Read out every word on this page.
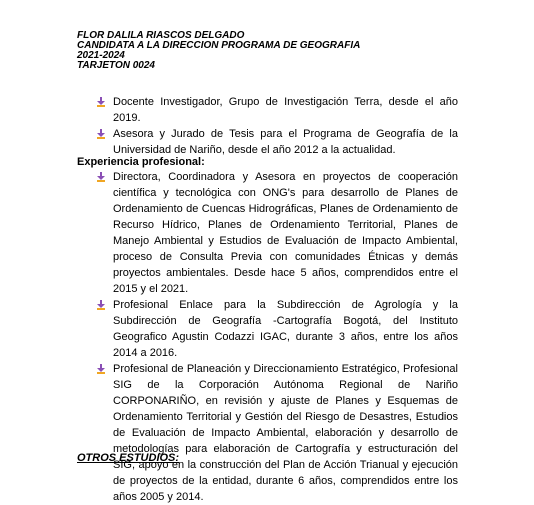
FLOR DALILA RIASCOS DELGADO
CANDIDATA A LA DIRECCION PROGRAMA DE GEOGRAFIA
2021-2024
TARJETON 0024
Docente Investigador, Grupo de Investigación Terra, desde el año 2019.
Asesora y Jurado de Tesis para el Programa de Geografía de la Universidad de Nariño, desde el año 2012 a la actualidad.
Experiencia profesional:
Directora, Coordinadora y Asesora en proyectos de cooperación científica y tecnológica con ONG's para desarrollo de Planes de Ordenamiento de Cuencas Hidrográficas, Planes de Ordenamiento de Recurso Hídrico, Planes de Ordenamiento Territorial, Planes de Manejo Ambiental y Estudios de Evaluación de Impacto Ambiental, proceso de Consulta Previa con comunidades Étnicas y demás proyectos ambientales. Desde hace 5 años, comprendidos entre el 2015 y el 2021.
Profesional Enlace para la Subdirección de Agrología y la Subdirección de Geografía -Cartografía Bogotá, del Instituto Geografico Agustin Codazzi IGAC, durante 3 años, entre los años 2014 a 2016.
Profesional de Planeación y Direccionamiento Estratégico, Profesional SIG de la Corporación Autónoma Regional de Nariño CORPONARIÑO, en revisión y ajuste de Planes y Esquemas de Ordenamiento Territorial y Gestión del Riesgo de Desastres, Estudios de Evaluación de Impacto Ambiental, elaboración y desarrollo de metodologías para elaboración de Cartografía y estructuración del SIG, apoyo en la construcción del Plan de Acción Trianual y ejecución de proyectos de la entidad, durante 6 años, comprendidos entre los años 2005 y 2014.
OTROS ESTUDIOS:
